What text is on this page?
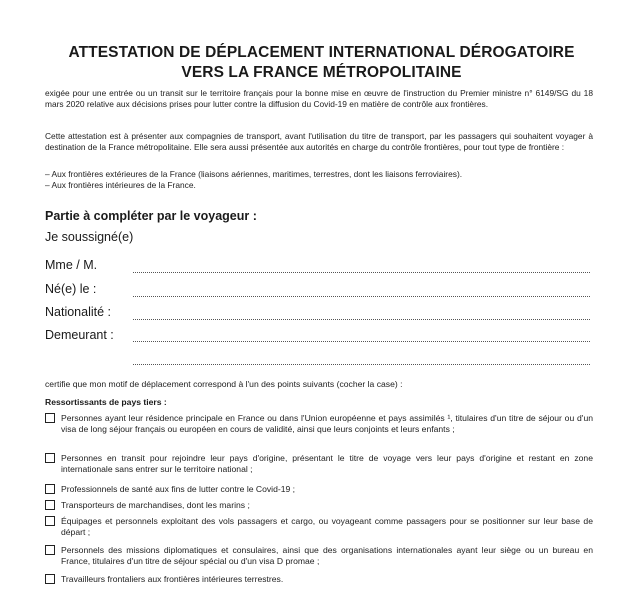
ATTESTATION DE DÉPLACEMENT INTERNATIONAL DÉROGATOIRE
VERS LA FRANCE MÉTROPOLITAINE
exigée pour une entrée ou un transit sur le territoire français pour la bonne mise en œuvre de l'instruction du Premier ministre n° 6149/SG du 18 mars 2020 relative aux décisions prises pour lutter contre la diffusion du Covid-19 en matière de contrôle aux frontières.
Cette attestation est à présenter aux compagnies de transport, avant l'utilisation du titre de transport, par les passagers qui souhaitent voyager à destination de la France métropolitaine. Elle sera aussi présentée aux autorités en charge du contrôle frontières, pour tout type de frontière :
– Aux frontières extérieures de la France (liaisons aériennes, maritimes, terrestres, dont les liaisons ferroviaires).
– Aux frontières intérieures de la France.
Partie à compléter par le voyageur :
Je soussigné(e)
Mme / M.
Né(e) le :
Nationalité :
Demeurant :
certifie que mon motif de déplacement correspond à l'un des points suivants (cocher la case) :
Ressortissants de pays tiers :
Personnes ayant leur résidence principale en France ou dans l'Union européenne et pays assimilés ¹, titulaires d'un titre de séjour ou d'un visa de long séjour français ou européen en cours de validité, ainsi que leurs conjoints et leurs enfants ;
Personnes en transit pour rejoindre leur pays d'origine, présentant le titre de voyage vers leur pays d'origine et restant en zone internationale sans entrer sur le territoire national ;
Professionnels de santé aux fins de lutter contre le Covid-19 ;
Transporteurs de marchandises, dont les marins ;
Équipages et personnels exploitant des vols passagers et cargo, ou voyageant comme passagers pour se positionner sur leur base de départ ;
Personnels des missions diplomatiques et consulaires, ainsi que des organisations internationales ayant leur siège ou un bureau en France, titulaires d'un titre de séjour spécial ou d'un visa D promae ;
Travailleurs frontaliers aux frontières intérieures terrestres.
